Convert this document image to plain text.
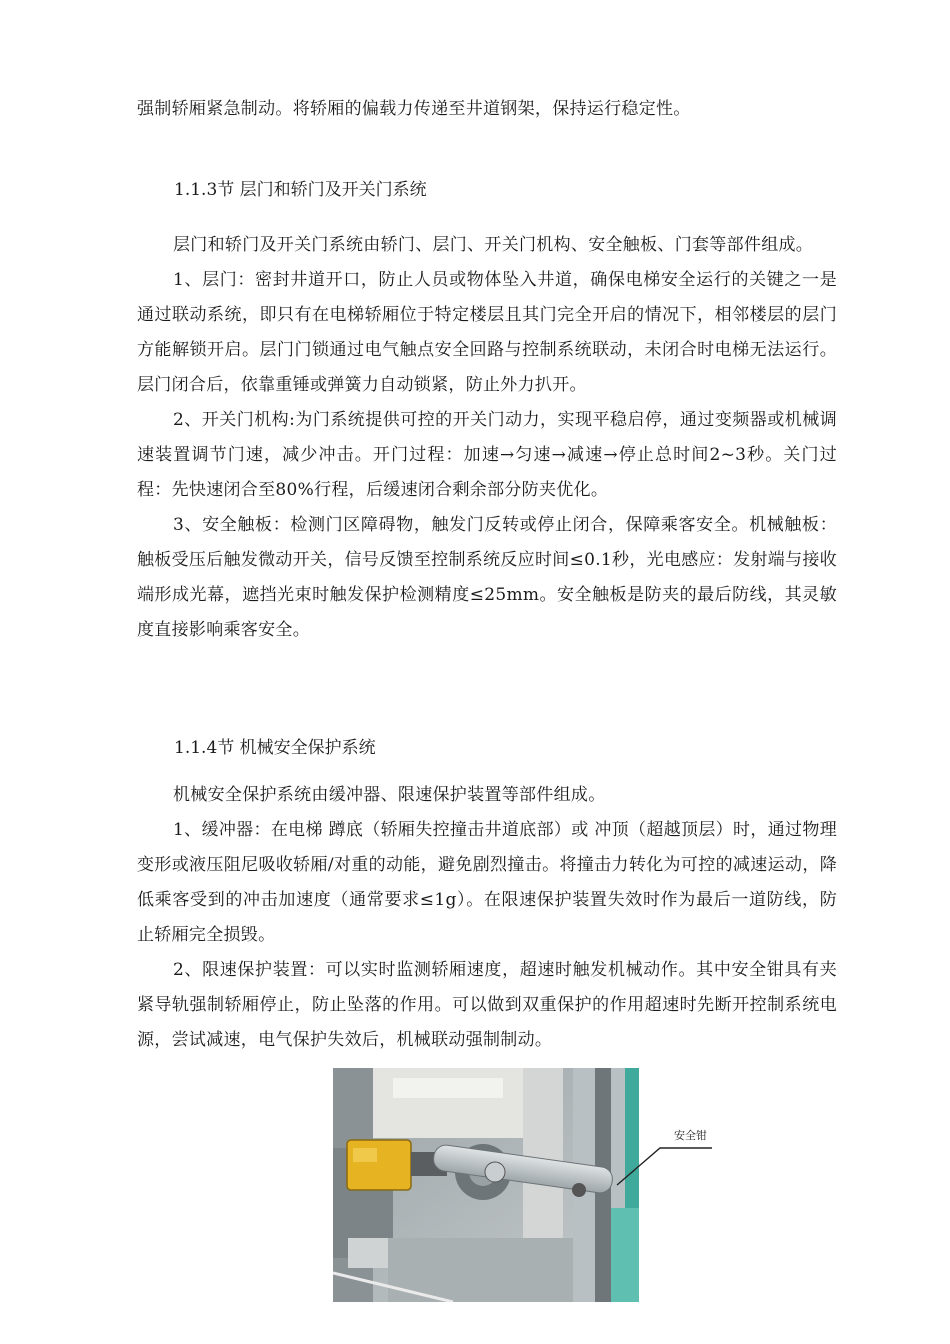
强制轿厢紧急制动。将轿厢的偏载力传递至井道钢架，保持运行稳定性。

1.1.3节 层门和轿门及开关门系统

层门和轿门及开关门系统由轿门、层门、开关门机构、安全触板、门套等部件组成。

1、层门：密封井道开口，防止人员或物体坠入井道，确保电梯安全运行的关键之一是通过联动系统，即只有在电梯轿厢位于特定楼层且其门完全开启的情况下，相邻楼层的层门方能解锁开启。层门门锁通过电气触点安全回路与控制系统联动，未闭合时电梯无法运行。层门闭合后，依靠重锤或弹簧力自动锁紧，防止外力扒开。

2、开关门机构:为门系统提供可控的开关门动力，实现平稳启停，通过变频器或机械调速装置调节门速，减少冲击。开门过程：加速→匀速→减速→停止总时间2~3秒。关门过程：先快速闭合至80%行程，后缓速闭合剩余部分防夹优化。

3、安全触板：检测门区障碍物，触发门反转或停止闭合，保障乘客安全。机械触板：触板受压后触发微动开关，信号反馈至控制系统反应时间≤0.1秒，光电感应：发射端与接收端形成光幕，遮挡光束时触发保护检测精度≤25mm。安全触板是防夹的最后防线，其灵敏度直接影响乘客安全。

1.1.4节 机械安全保护系统

机械安全保护系统由缓冲器、限速保护装置等部件组成。

1、缓冲器：在电梯 蹲底（轿厢失控撞击井道底部）或 冲顶（超越顶层）时，通过物理变形或液压阻尼吸收轿厢/对重的动能，避免剧烈撞击。将撞击力转化为可控的减速运动，降低乘客受到的冲击加速度（通常要求≤1g）。在限速保护装置失效时作为最后一道防线，防止轿厢完全损毁。

2、限速保护装置：可以实时监测轿厢速度，超速时触发机械动作。其中安全钳具有夹紧导轨强制轿厢停止，防止坠落的作用。可以做到双重保护的作用超速时先断开控制系统电源，尝试减速，电气保护失效后，机械联动强制制动。

安全钳
